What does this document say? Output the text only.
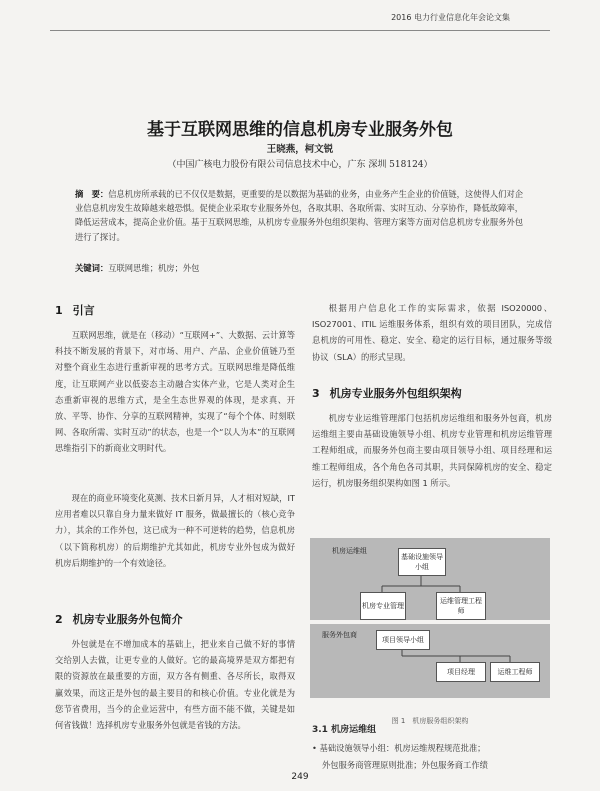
2016 电力行业信息化年会论文集
基于互联网思维的信息机房专业服务外包
王晓燕，柯文锐
（中国广核电力股份有限公司信息技术中心，广东 深圳 518124）
摘　要：信息机房所承载的已不仅仅是数据，更重要的是以数据为基础的业务，由业务产生企业的价值链，这使得人们对企业信息机房发生故障越来越恐惧。促使企业采取专业服务外包，各取其职、各取所需、实时互动、分享协作，降低故障率，降低运营成本，提高企业价值。基于互联网思维，从机房专业服务外包组织架构、管理方案等方面对信息机房专业服务外包进行了探讨。
关键词：互联网思维；机房；外包
1 引言

互联网思维，就是在（移动）“互联网+”、大数据、云计算等科技不断发展的背景下，对市场、用户、产品、企业价值链乃至对整个商业生态进行重新审视的思考方式。互联网思维是降低维度，让互联网产业以低姿态主动融合实体产业，它是人类对企生态重新审视的思维方式，是全生态世界观的体现，是求真、开放、平等、协作、分享的互联网精神，实现了“每个个体、时刻联网、各取所需、实时互动”的状态，也是一个“以人为本”的互联网思维指引下的新商业文明时代。

现在的商业环境变化莫测、技术日新月异，人才相对短缺，IT 应用者难以只靠自身力量来做好 IT 服务，做最擅长的（核心竞争力），其余的工作外包，这已成为一种不可逆转的趋势，信息机房（以下简称机房）的后期维护尤其如此，机房专业外包成为做好机房后期维护的一个有效途径。

2 机房专业服务外包简介

外包就是在不增加成本的基础上，把业来自己做不好的事情交给别人去做，让更专业的人做好。它的最高境界是双方都把有限的资源放在最重要的方面，双方各有侧重、各尽所长，取得双赢效果，而这正是外包的最主要目的和核心价值。专业化就是为您节省费用，当今的企业运营中，有些方面不能不做，关键是如何省钱做！选择机房专业服务外包就是省钱的方法。

根据用户信息化工作的实际需求，依据 ISO20000、ISO27001、ITIL 运维服务体系，组织有效的项目团队，完成信息机房的可用性、稳定、安全、稳定的运行目标，通过服务等级协议（SLA）的形式呈现。

3 机房专业服务外包组织架构

机房专业运维管理部门包括机房运维组和服务外包商，机房运维组主要由基础设施领导小组、机房专业管理和机房运维管理工程师组成，而服务外包商主要由项目领导小组、项目经理和运维工程师组成，各个角色各司其职，共同保障机房的安全、稳定运行，机房服务组织架构如图 1 所示。

机房运维组
服务外包商
基础设施领导小组
机房专业管理
运维管理工程师
项目领导小组
项目经理	运维工程师
图 1　机房服务组织架构
3.1 机房运维组
• 基础设施领导小组：机房运维规程规范批准；
外包服务商管理原则批准；外包服务商工作绩
249
